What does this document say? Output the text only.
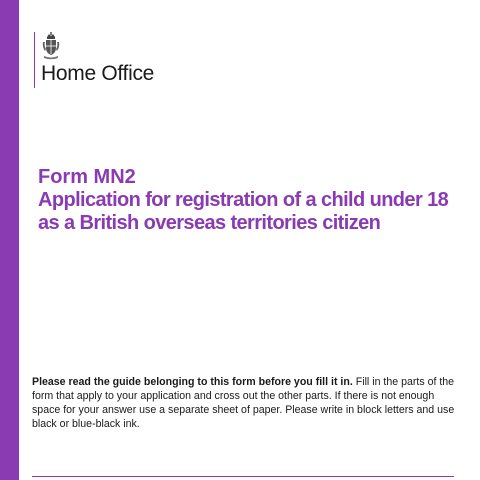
Home Office
Form MN2
Application for registration of a child under 18 as a British overseas territories citizen

Please read the guide belonging to this form before you fill it in. Fill in the parts of the form that apply to your application and cross out the other parts. If there is not enough space for your answer use a separate sheet of paper. Please write in block letters and use black or blue-black ink.
